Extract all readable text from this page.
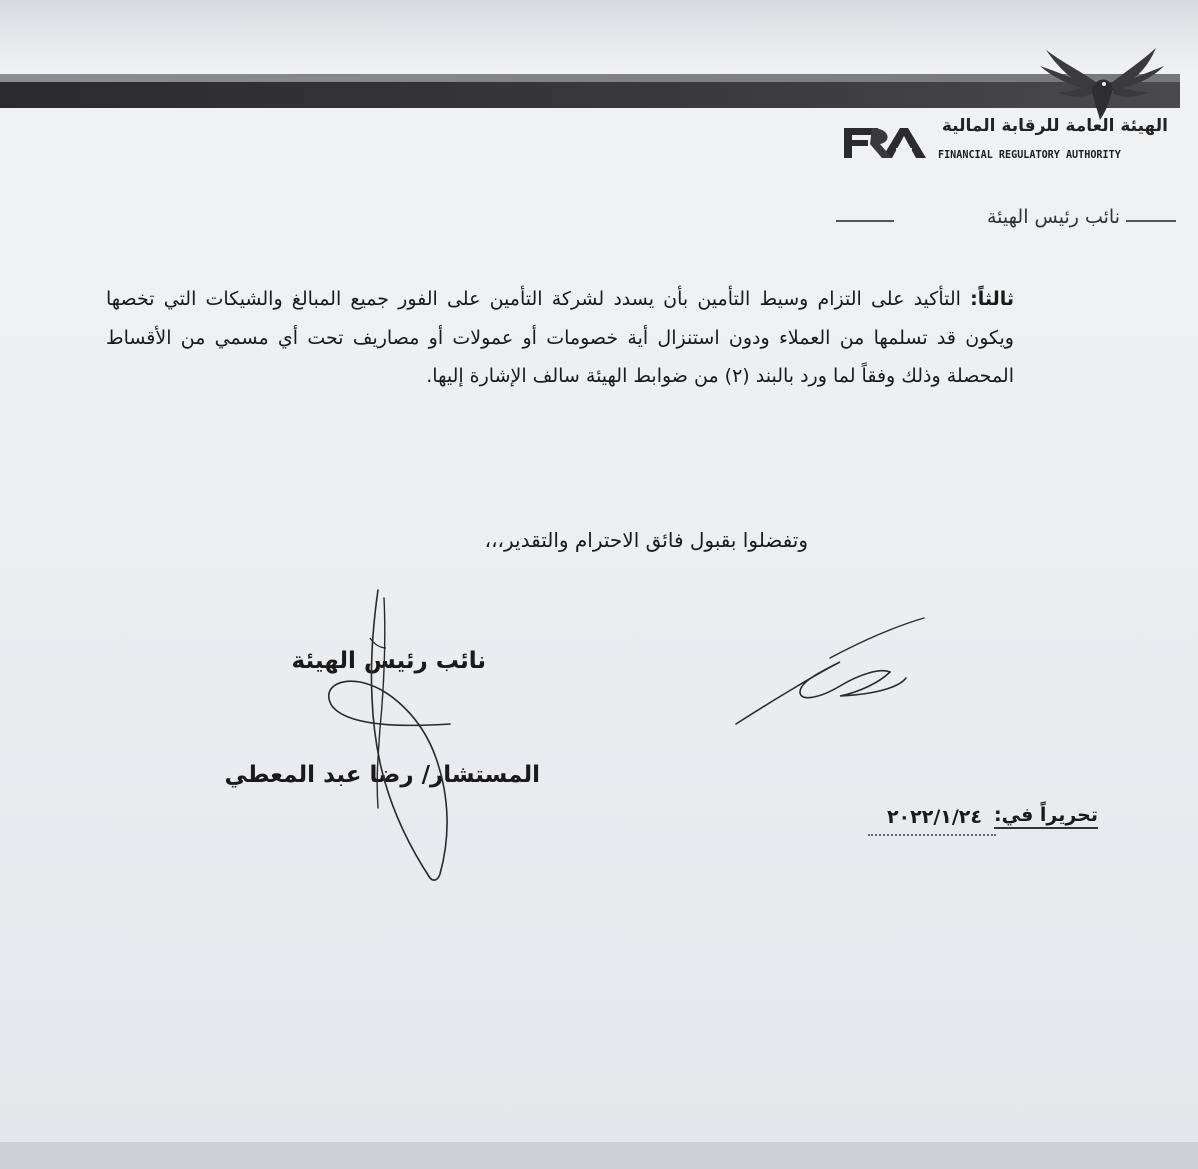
الهيئة العامة للرقابة المالية

FINANCIAL REGULATORY AUTHORITY

نائب رئيس الهيئة

ثالثاً: التأكيد على التزام وسيط التأمين بأن يسدد لشركة التأمين على الفور جميع المبالغ والشيكات التي تخصها ويكون قد تسلمها من العملاء ودون استنزال أية خصومات أو عمولات أو مصاريف تحت أي مسمي من الأقساط المحصلة وذلك وفقاً لما ورد بالبند (٢) من ضوابط الهيئة سالف الإشارة إليها.

وتفضلوا بقبول فائق الاحترام والتقدير،،،

نائب رئيس الهيئة

المستشار/ رضا عبد المعطي

تحريراً في:

٢٠٢٢/١/٢٤
